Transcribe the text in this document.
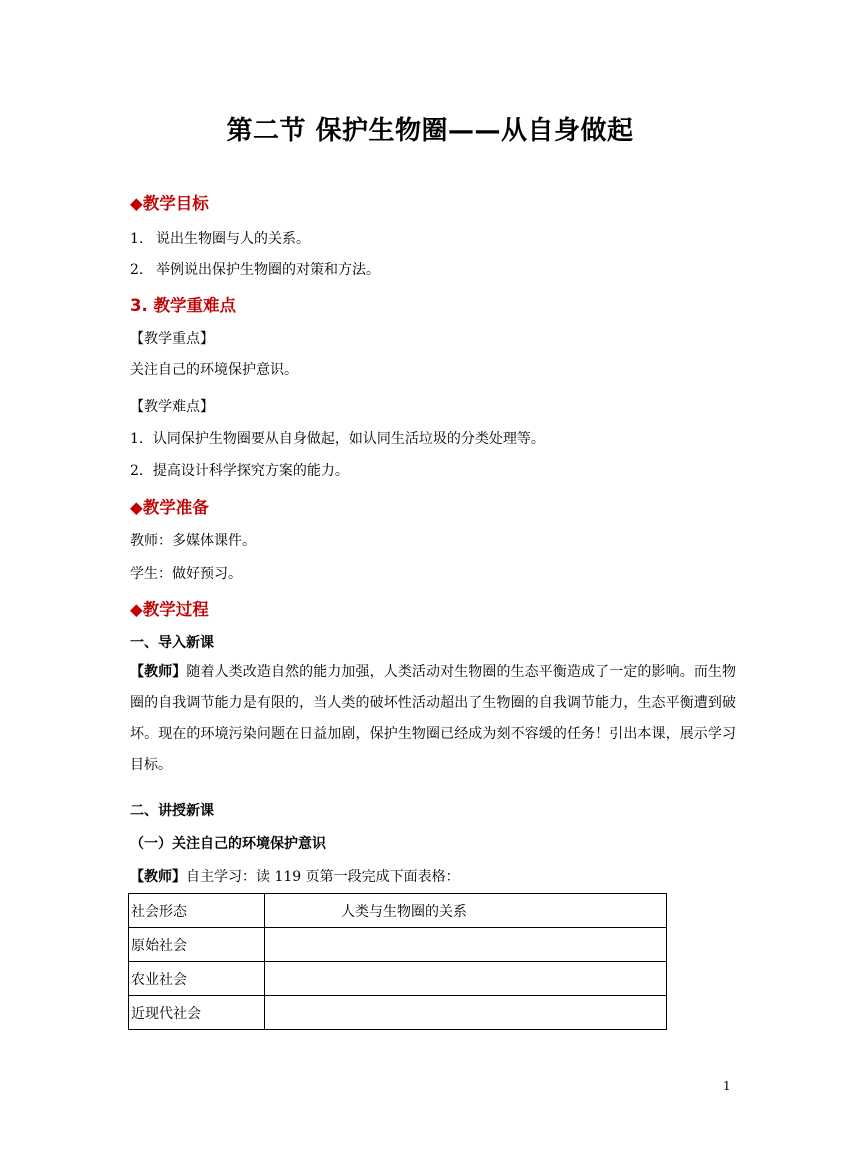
第二节 保护生物圈——从自身做起
◆教学目标
1. 说出生物圈与人的关系。
2. 举例说出保护生物圈的对策和方法。
3. 教学重难点
【教学重点】
关注自己的环境保护意识。
【教学难点】
1．认同保护生物圈要从自身做起，如认同生活垃圾的分类处理等。
2．提高设计科学探究方案的能力。
◆教学准备
教师：多媒体课件。
学生：做好预习。
◆教学过程
一、导入新课
【教师】随着人类改造自然的能力加强，人类活动对生物圈的生态平衡造成了一定的影响。而生物圈的自我调节能力是有限的，当人类的破坏性活动超出了生物圈的自我调节能力，生态平衡遭到破坏。现在的环境污染问题在日益加剧，保护生物圈已经成为刻不容缓的任务！引出本课，展示学习目标。
二、讲授新课
（一）关注自己的环境保护意识
【教师】自主学习：读 119 页第一段完成下面表格：
社会形态	人类与生物圈的关系
原始社会	
农业社会	
近现代社会	
1
